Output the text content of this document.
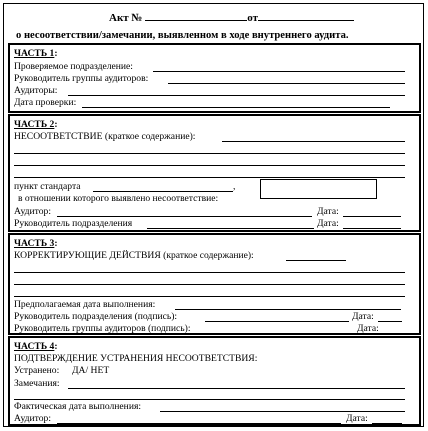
Акт №	от
о несоответствии/замечании, выявленном в ходе внутреннего аудита.
ЧАСТЬ 1:
Проверяемое подразделение:
Руководитель группы аудиторов:
Аудиторы:
Дата проверки:
ЧАСТЬ 2:
НЕСООТВЕТСТВИЕ (краткое содержание):
пункт стандарта	,
в отношении которого выявлено несоответствие:
Аудитор:	Дата:
Руководитель подразделения	Дата:
ЧАСТЬ 3:
КОРРЕКТИРУЮЩИЕ ДЕЙСТВИЯ (краткое содержание):
Предполагаемая дата выполнения:
Руководитель подразделения (подпись):	Дата:
Руководитель группы аудиторов (подпись):	Дата:
ЧАСТЬ 4:
ПОДТВЕРЖДЕНИЕ УСТРАНЕНИЯ НЕСООТВЕТСТВИЯ:
Устранено: ДА/ НЕТ
Замечания:
Фактическая дата выполнения:
Аудитор:	Дата:
